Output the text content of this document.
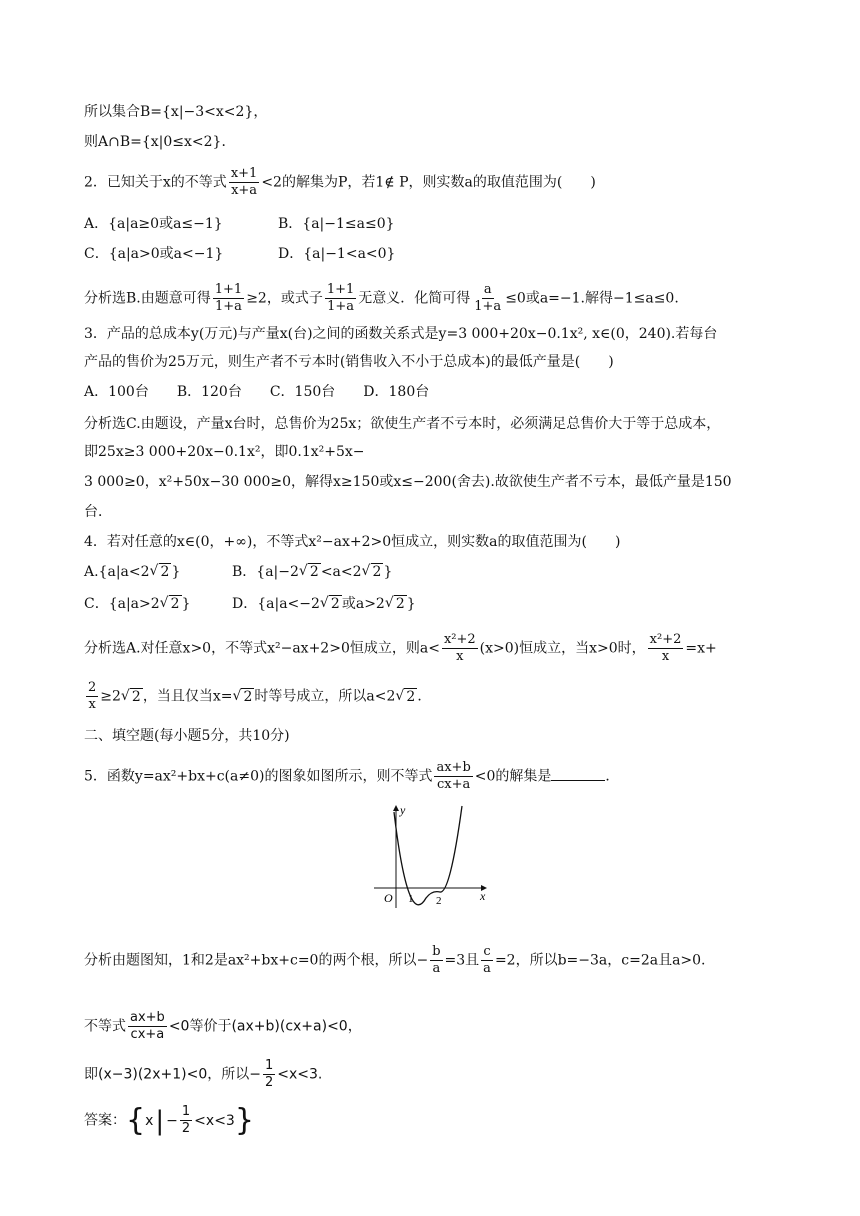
所以集合B={x|−3<x<2}，
则A∩B={x|0≤x<2}．
2．已知关于x的不等式 $\frac{x+1}{x+a} <2$的解集为P，若1∉ P，则实数a的取值范围为(　　)
A．{a|a≥0或a≤−1}	B．{a|−1≤a≤0}
C．{a|a>0或a<−1}	D．{a|−1<a<0}
分析选B.由题意可得 $\frac{1+1}{1+a} \ge 2$，或式子 $\frac{1+1}{1+a}$ 无意义．化简可得 $\frac{a}{1+a} \le 0$或a=−1.解得−1≤a≤0.
3．产品的总成本y(万元)与产量x(台)之间的函数关系式是y=3 000+20x−0.1x², x∈(0，240).若每台
产品的售价为25万元，则生产者不亏本时(销售收入不小于总成本)的最低产量是(　　)
A．100台　　B．120台　　C．150台　　D．180台
分析选C.由题设，产量x台时，总售价为25x；欲使生产者不亏本时，必须满足总售价大于等于总成本，
即25x≥3 000+20x−0.1x²，即0.1x²+5x−
3 000≥0，x²+50x−30 000≥0，解得x≥150或x≤−200(舍去).故欲使生产者不亏本，最低产量是150
台．
4．若对任意的x∈(0，+∞)，不等式x²−ax+2>0恒成立，则实数a的取值范围为(　　)
A.{a|a<2√ 2 }	B．{a|−2√ 2 <a<2√ 2 }
C．{a|a>2√ 2 }	D．{a|a<−2√ 2 或a>2√ 2 }
分析选A.对任意x>0，不等式x²−ax+2>0恒成立，则$a< \frac{\text{x²+2}}{x} (x>0)$恒成立，当x>0时， $\frac{\text{x²+2}}{x} =x+$
$\frac{2}{x} \ge 2√$ 2 ，当且仅当x=√ 2 时等号成立，所以a<2√ 2 ．
二、填空题(每小题5分，共10分)
5．函数y=ax²+bx+c(a≠0)的图象如图所示，则不等式 $\frac{ax+b}{cx+a} <0$的解集是	．
y
x
O 1 2
分析由题图知，1和2是ax²+bx+c=0的两个根，所以− $\frac{b}{a} =3$且 $\frac{c}{a} =2$，所以b=−3a，c=2a且a>0.
不等式 $\frac{ax+b}{cx+a} <0$等价于(ax+b)(cx+a)<0，
即(x−3)(2x+1)<0，所以− $\frac{1}{2} <x<3$.
答案： { x | − $\frac{1}{2} <x<3$ }
